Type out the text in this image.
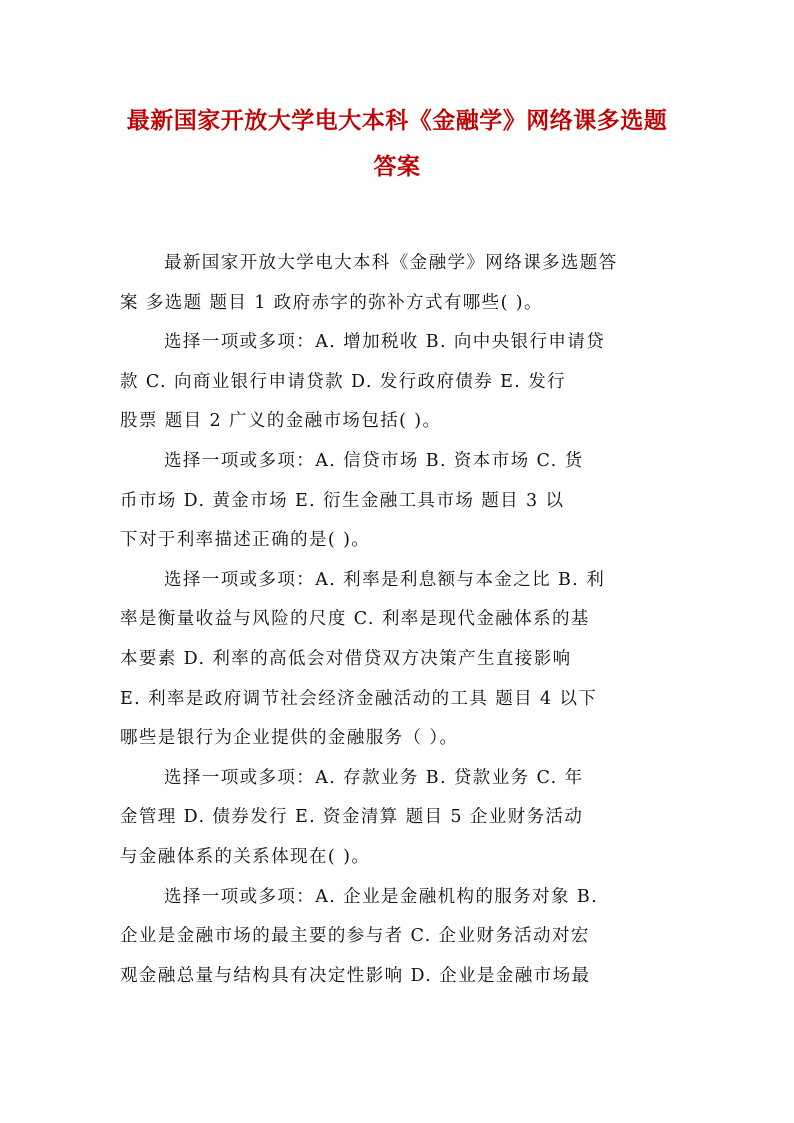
最新国家开放大学电大本科《金融学》网络课多选题
答案
最新国家开放大学电大本科《金融学》网络课多选题答
案 多选题 题目 1 政府赤字的弥补方式有哪些( )。
选择一项或多项：A. 增加税收 B. 向中央银行申请贷
款 C. 向商业银行申请贷款 D. 发行政府债券 E. 发行
股票 题目 2 广义的金融市场包括( )。
选择一项或多项：A. 信贷市场 B. 资本市场 C. 货
币市场 D. 黄金市场 E. 衍生金融工具市场 题目 3 以
下对于利率描述正确的是( )。
选择一项或多项：A. 利率是利息额与本金之比 B. 利
率是衡量收益与风险的尺度 C. 利率是现代金融体系的基
本要素 D. 利率的高低会对借贷双方决策产生直接影响
E. 利率是政府调节社会经济金融活动的工具 题目 4 以下
哪些是银行为企业提供的金融服务（ ）。
选择一项或多项：A. 存款业务 B. 贷款业务 C. 年
金管理 D. 债券发行 E. 资金清算 题目 5 企业财务活动
与金融体系的关系体现在( )。
选择一项或多项：A. 企业是金融机构的服务对象 B.
企业是金融市场的最主要的参与者 C. 企业财务活动对宏
观金融总量与结构具有决定性影响 D. 企业是金融市场最
